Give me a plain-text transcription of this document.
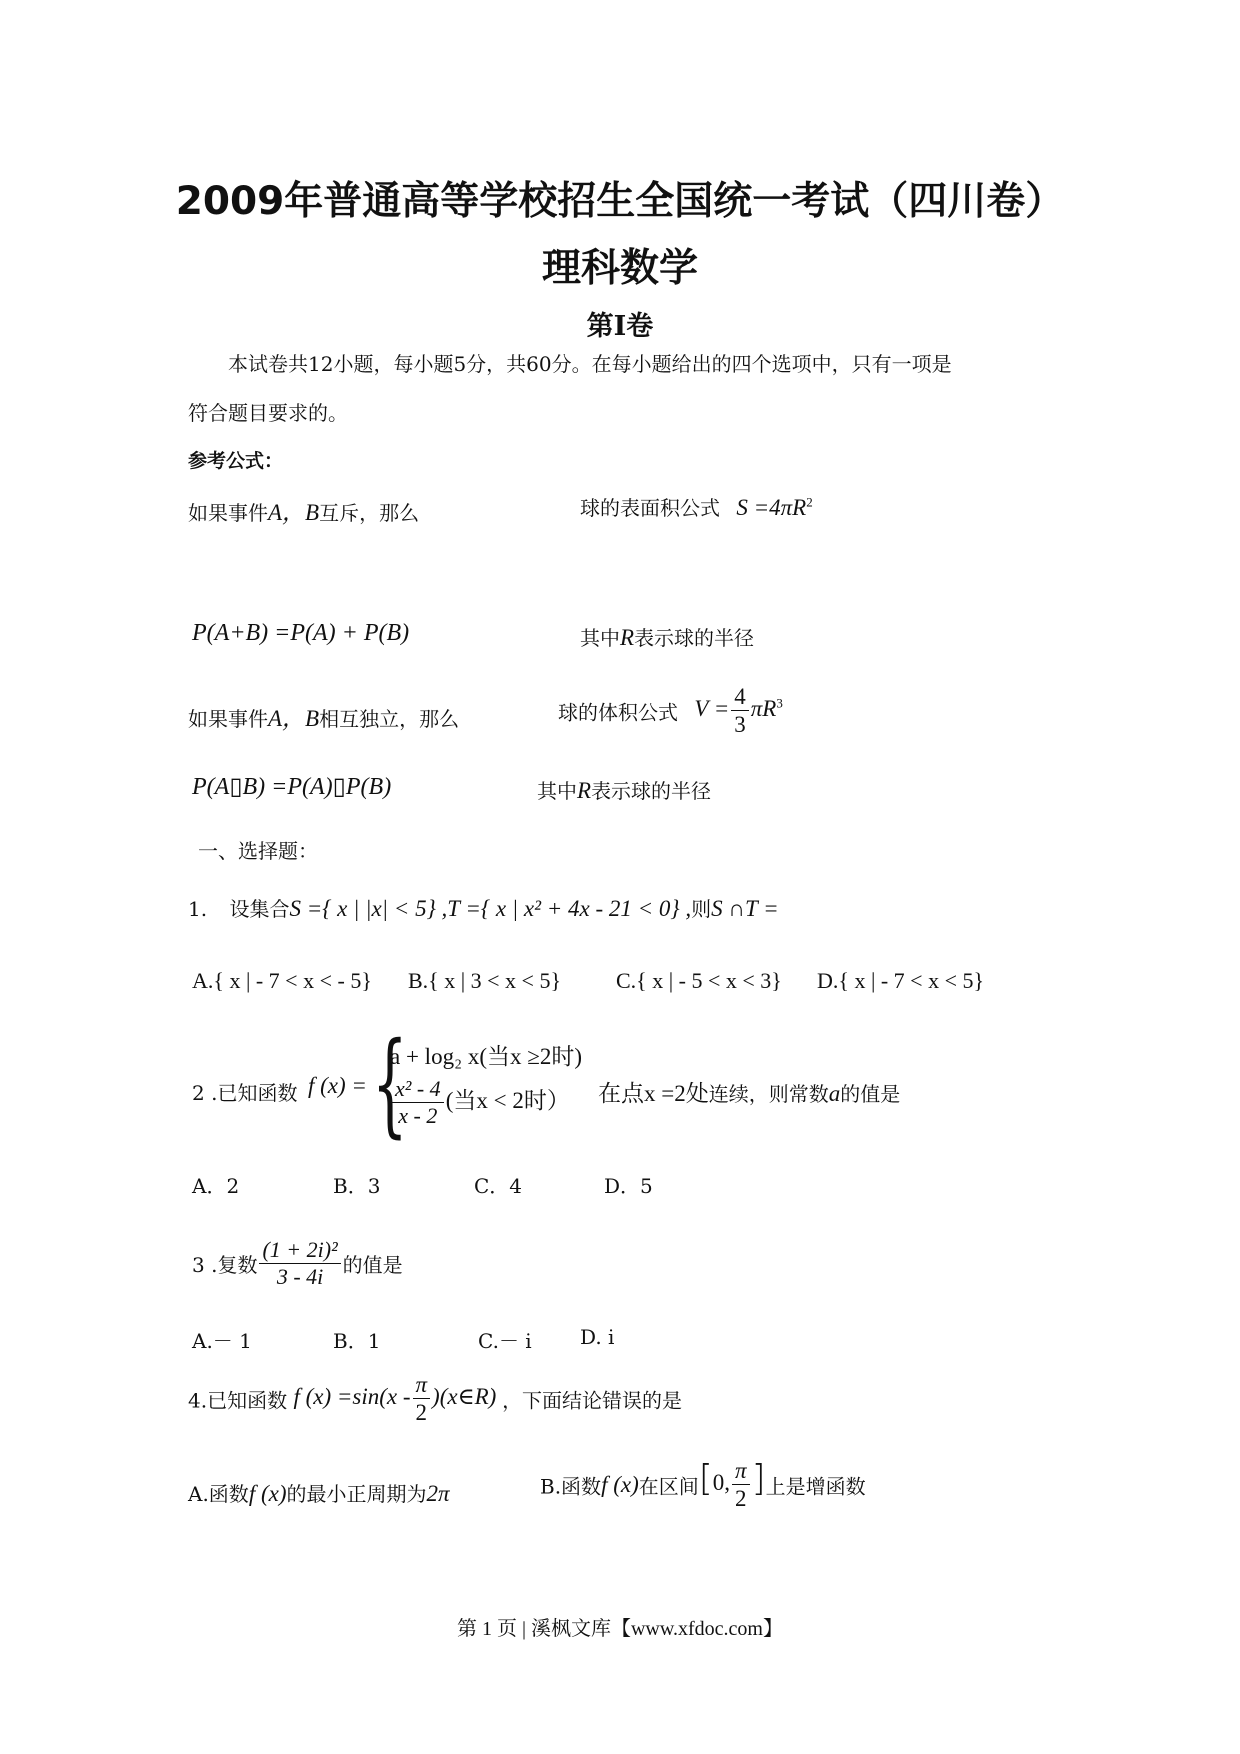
2009年普通高等学校招生全国统一考试（四川卷）
理科数学
第Ⅰ卷
本试卷共12小题，每小题5分，共60分。在每小题给出的四个选项中，只有一项是
符合题目要求的。
参考公式：
如果事件A，B互斥，那么	球的表面积公式 $S =4\pi R^2$
P(A+B) =P(A) + P(B)	其中R表示球的半径
如果事件A，B相互独立，那么	球的体积公式 $V = \frac{4}{3} \pi R^3$
P(A▯B) =P(A)▯P(B)	其中R表示球的半径
一、选择题：
1. 设集合S ={ x | |x| < 5} ,T ={ x | x² + 4x - 21 < 0} ,则S ∩T =
A.{ x | - 7 < x < - 5} B.{ x | 3 < x < 5} C.{ x | - 5 < x < 3} D.{ x | - 7 < x < 5}
2 .已知函数 f (x) = {
a + log₂ x(当x ≥2时)
$\frac{\text{x² - 4}}{x - 2}$ (当x < 2时） 在点x =2处连续，则常数a的值是
A．2	B．3	C．4	D．5
3 .复数 $\frac{\text{(1 + 2i)²}}{3 - 4i}$ 的值是
A.－ 1	B．1	C.－ i D. i
4.已知函数 f $(x) =\sin(x - \frac{\pi}{2}$ )(x∈R) ，下面结论错误的是
A.函数f (x)的最小正周期为2π	B.函数f (x)在区间[0, $\frac{\pi}{2}$ ]上是增函数
第 1 页 | 溪枫文库【www.xfdoc.com】
